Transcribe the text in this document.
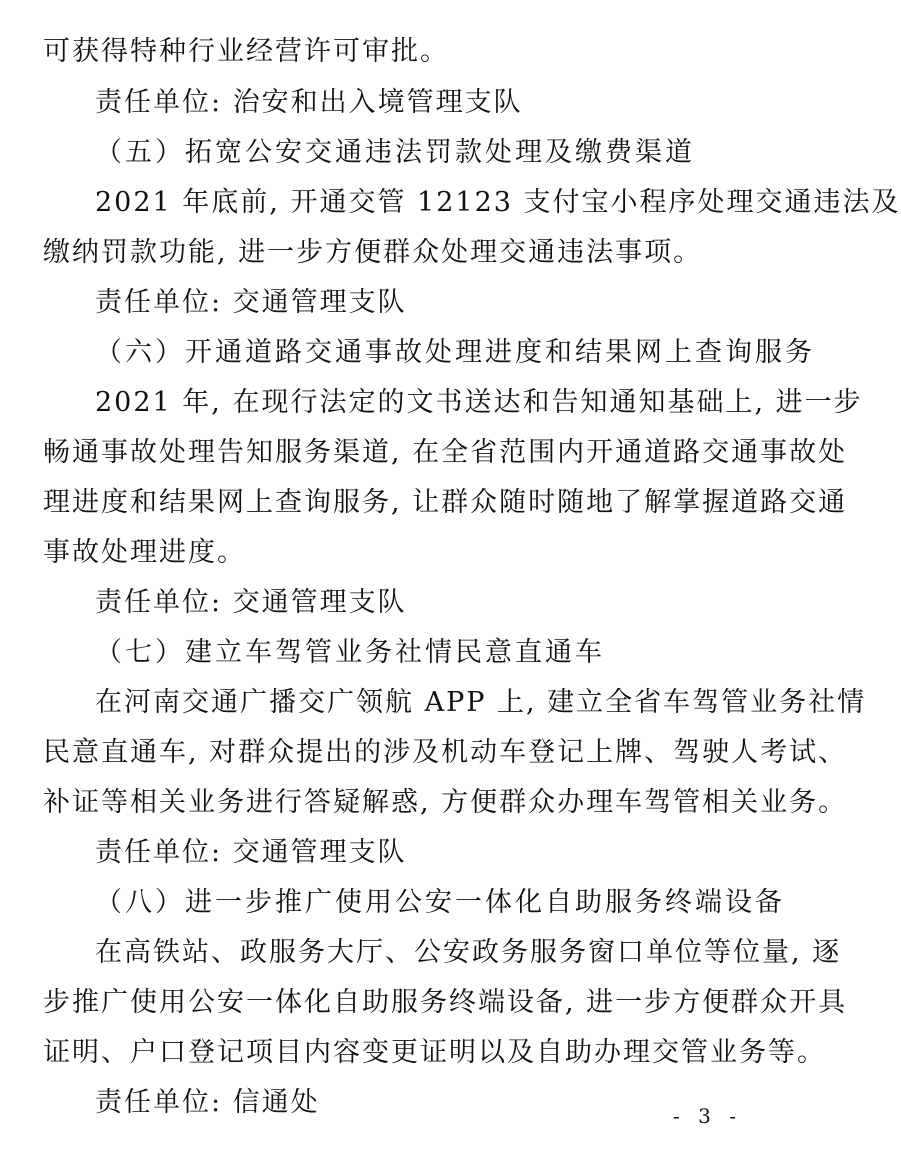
可获得特种行业经营许可审批。
责任单位: 治安和出入境管理支队
（五）拓宽公安交通违法罚款处理及缴费渠道
2021 年底前, 开通交管 12123 支付宝小程序处理交通违法及
缴纳罚款功能, 进一步方便群众处理交通违法事项。
责任单位: 交通管理支队
（六）开通道路交通事故处理进度和结果网上查询服务
2021 年, 在现行法定的文书送达和告知通知基础上, 进一步
畅通事故处理告知服务渠道, 在全省范围内开通道路交通事故处
理进度和结果网上查询服务, 让群众随时随地了解掌握道路交通
事故处理进度。
责任单位: 交通管理支队
（七）建立车驾管业务社情民意直通车
在河南交通广播交广领航 APP 上, 建立全省车驾管业务社情
民意直通车, 对群众提出的涉及机动车登记上牌、驾驶人考试、
补证等相关业务进行答疑解惑, 方便群众办理车驾管相关业务。
责任单位: 交通管理支队
（八）进一步推广使用公安一体化自助服务终端设备
在高铁站、政服务大厅、公安政务服务窗口单位等位量, 逐
步推广使用公安一体化自助服务终端设备, 进一步方便群众开具
证明、户口登记项目内容变更证明以及自助办理交管业务等。
责任单位: 信通处	- 3 -
